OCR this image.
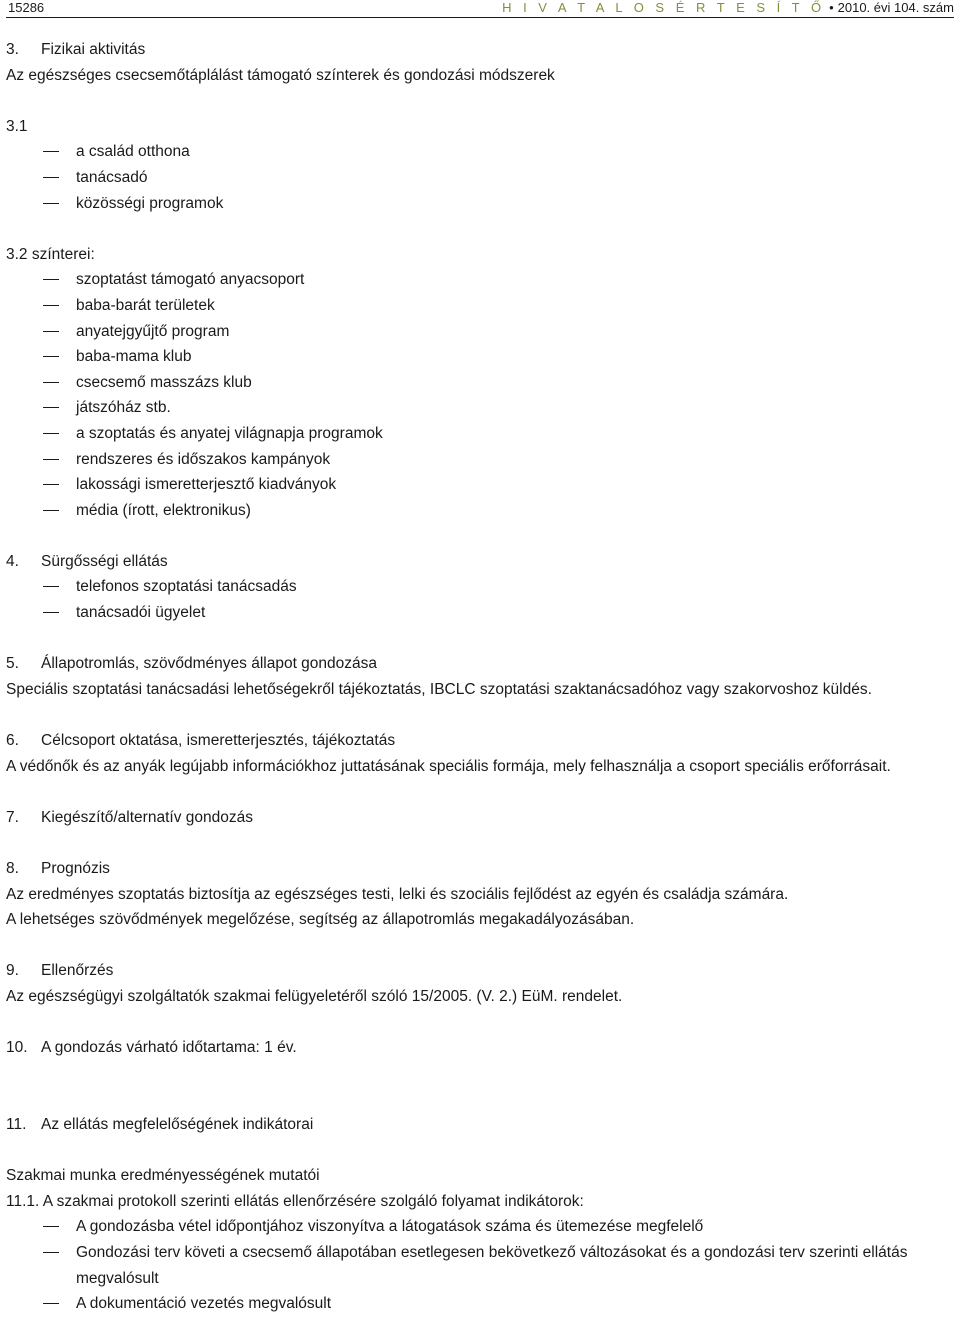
15286	H I V A T A L O S É R T E S Í T Ő • 2010. évi 104. szám
3. Fizikai aktivitás
Az egészséges csecsemőtáplálást támogató színterek és gondozási módszerek
3.1
a család otthona
tanácsadó
közösségi programok
3.2 színterei:
szoptatást támogató anyacsoport
baba-barát területek
anyatejgyűjtő program
baba-mama klub
csecsemő masszázs klub
játszóház stb.
a szoptatás és anyatej világnapja programok
rendszeres és időszakos kampányok
lakossági ismeretterjesztő kiadványok
média (írott, elektronikus)
4. Sürgősségi ellátás
telefonos szoptatási tanácsadás
tanácsadói ügyelet
5. Állapotromlás, szövődményes állapot gondozása
Speciális szoptatási tanácsadási lehetőségekről tájékoztatás, IBCLC szoptatási szaktanácsadóhoz vagy szakorvoshoz küldés.
6. Célcsoport oktatása, ismeretterjesztés, tájékoztatás
A védőnők és az anyák legújabb információkhoz juttatásának speciális formája, mely felhasználja a csoport speciális erőforrásait.
7. Kiegészítő/alternatív gondozás
8. Prognózis
Az eredményes szoptatás biztosítja az egészséges testi, lelki és szociális fejlődést az egyén és családja számára.
A lehetséges szövődmények megelőzése, segítség az állapotromlás megakadályozásában.
9. Ellenőrzés
Az egészségügyi szolgáltatók szakmai felügyeletéről szóló 15/2005. (V. 2.) EüM. rendelet.
10. A gondozás várható időtartama: 1 év.
11. Az ellátás megfelelőségének indikátorai
Szakmai munka eredményességének mutatói
11.1. A szakmai protokoll szerinti ellátás ellenőrzésére szolgáló folyamat indikátorok:
A gondozásba vétel időpontjához viszonyítva a látogatások száma és ütemezése megfelelő
Gondozási terv követi a csecsemő állapotában esetlegesen bekövetkező változásokat és a gondozási terv szerinti ellátás megvalósult
A dokumentáció vezetés megvalósult
